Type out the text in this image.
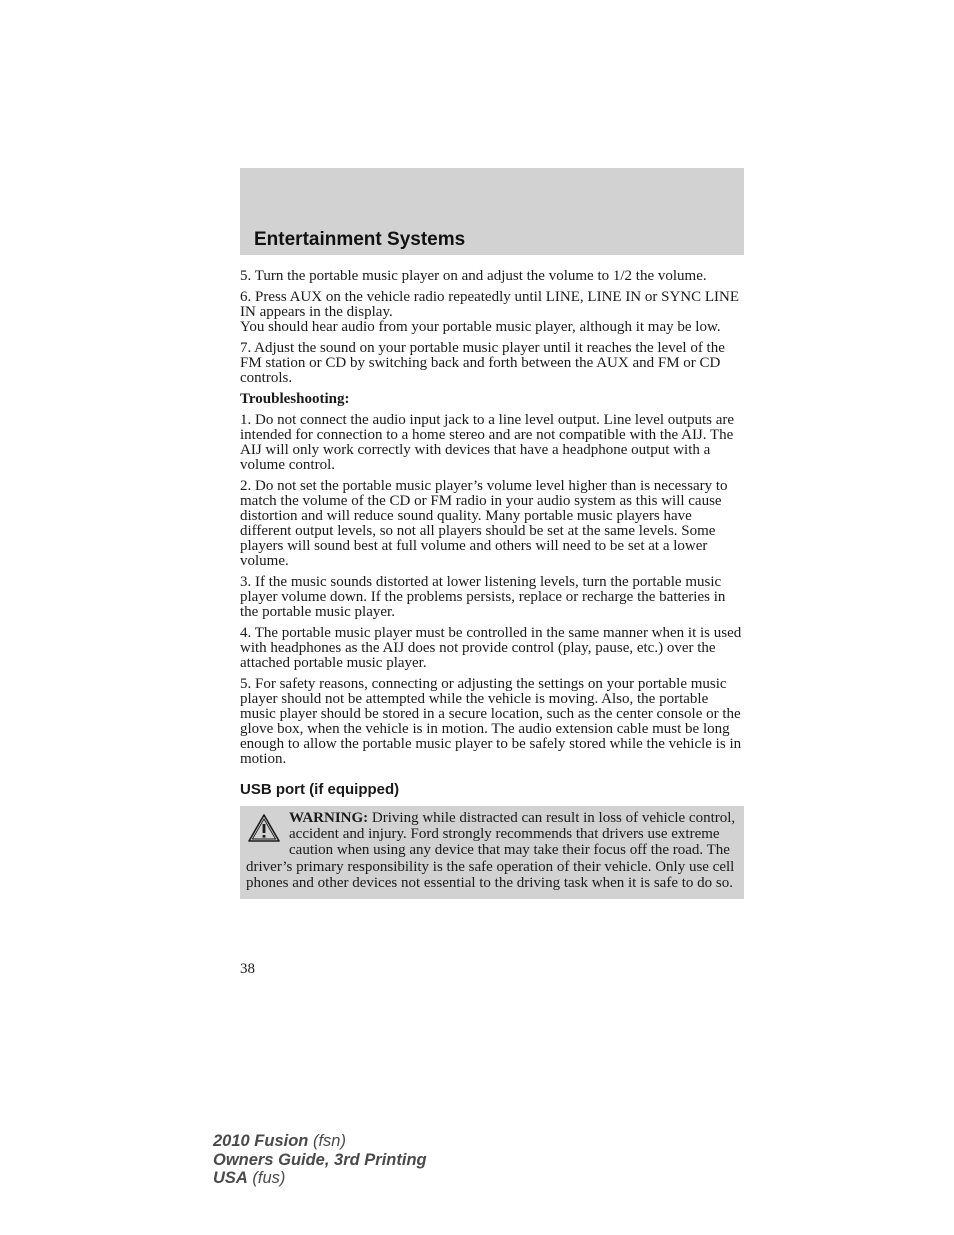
Entertainment Systems

5. Turn the portable music player on and adjust the volume to 1/2 the volume.

6. Press AUX on the vehicle radio repeatedly until LINE, LINE IN or SYNC LINE IN appears in the display.

You should hear audio from your portable music player, although it may be low.

7. Adjust the sound on your portable music player until it reaches the level of the FM station or CD by switching back and forth between the AUX and FM or CD controls.

Troubleshooting:

1. Do not connect the audio input jack to a line level output. Line level outputs are intended for connection to a home stereo and are not compatible with the AIJ. The AIJ will only work correctly with devices that have a headphone output with a volume control.

2. Do not set the portable music player’s volume level higher than is necessary to match the volume of the CD or FM radio in your audio system as this will cause distortion and will reduce sound quality. Many portable music players have different output levels, so not all players should be set at the same levels. Some players will sound best at full volume and others will need to be set at a lower volume.

3. If the music sounds distorted at lower listening levels, turn the portable music player volume down. If the problems persists, replace or recharge the batteries in the portable music player.

4. The portable music player must be controlled in the same manner when it is used with headphones as the AIJ does not provide control (play, pause, etc.) over the attached portable music player.

5. For safety reasons, connecting or adjusting the settings on your portable music player should not be attempted while the vehicle is moving. Also, the portable music player should be stored in a secure location, such as the center console or the glove box, when the vehicle is in motion. The audio extension cable must be long enough to allow the portable music player to be safely stored while the vehicle is in motion.

USB port (if equipped)
WARNING: Driving while distracted can result in loss of vehicle control, accident and injury. Ford strongly recommends that drivers use extreme caution when using any device that may take their focus off the road. The driver’s primary responsibility is the safe operation of their vehicle. Only use cell phones and other devices not essential to the driving task when it is safe to do so.
38
2010 Fusion (fsn)
Owners Guide, 3rd Printing
USA (fus)
